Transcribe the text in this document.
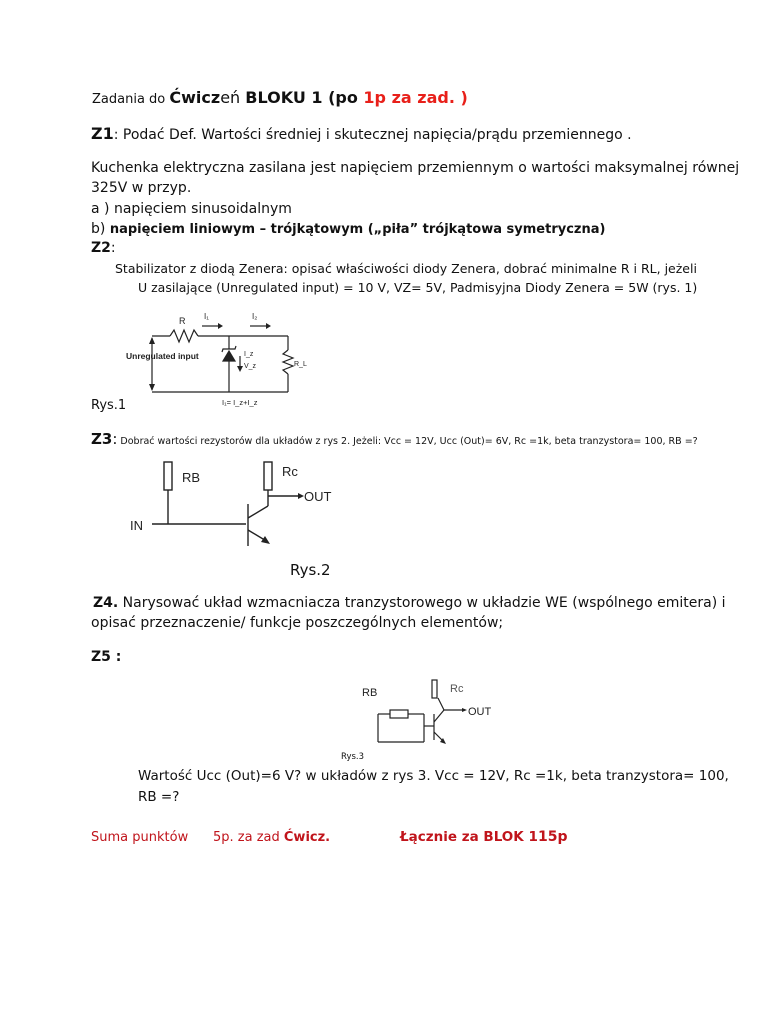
Zadania do Ćwiczeń BLOKU 1 (po 1p za zad. )
Z1: Podać Def. Wartości średniej i skutecznej napięcia/prądu przemiennego .
Kuchenka elektryczna zasilana jest napięciem przemiennym o wartości maksymalnej równej
325V w przyp.
a ) napięciem sinusoidalnym
b) napięciem liniowym – trójkątowym („piła” trójkątowa symetryczna)
Z2:
Stabilizator z diodą Zenera: opisać właściwości diody Zenera, dobrać minimalne R i RL, jeżeli
U zasilające (Unregulated input) = 10 V, VZ= 5V, Padmisyjna Diody Zenera = 5W (rys. 1)
R I₁	I₂
Unregulated input	I_z
V_z	R_L
I₁= I_z+I_z
Rys.1
Z3: Dobrać wartości rezystorów dla układów z rys 2. Jeżeli: Vcc = 12V, Ucc (Out)= 6V, Rc =1k, beta tranzystora= 100, RB =?
RB	Rc
OUT
IN
Rys.2
Z4. Narysować układ wzmacniacza tranzystorowego w układzie WE (wspólnego emitera) i
opisać przeznaczenie/ funkcje poszczególnych elementów;
Z5 :
RB	Rc
OUT
Rys.3
Wartość Ucc (Out)=6 V? w układów z rys 3. Vcc = 12V, Rc =1k, beta tranzystora= 100,
RB =?
Suma punktów 5p. za zad Ćwicz.	Łącznie za BLOK 1 15p
